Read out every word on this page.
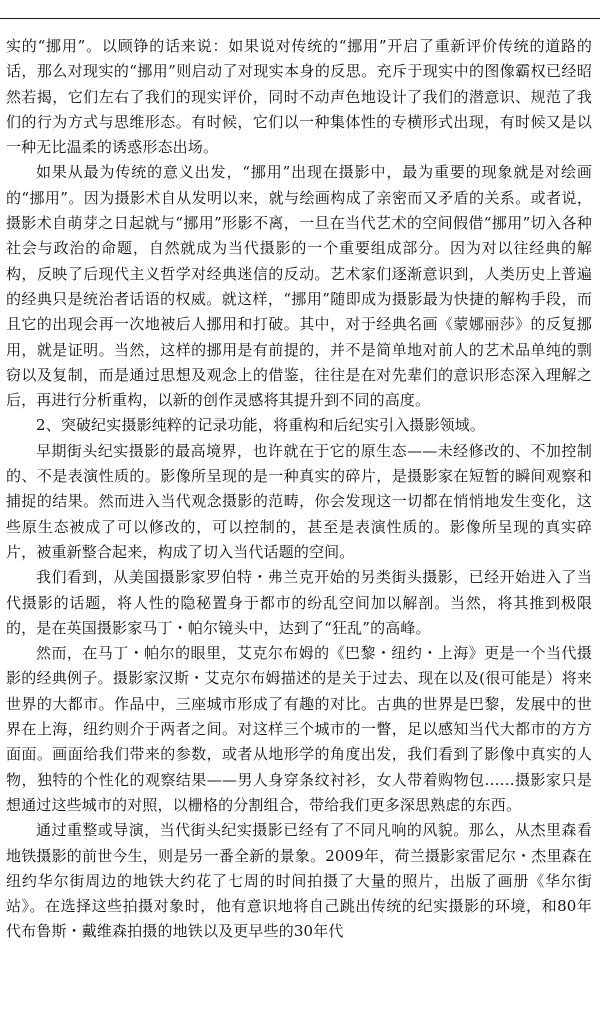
实的“挪用”。以顾铮的话来说：如果说对传统的“挪用”开启了重新评价传统的道路的话，那么对现实的“挪用”则启动了对现实本身的反思。充斥于现实中的图像霸权已经昭然若揭，它们左右了我们的现实评价，同时不动声色地设计了我们的潜意识、规范了我们的行为方式与思维形态。有时候，它们以一种集体性的专横形式出现，有时候又是以一种无比温柔的诱惑形态出场。

如果从最为传统的意义出发，“挪用”出现在摄影中，最为重要的现象就是对绘画的“挪用”。因为摄影术自从发明以来，就与绘画构成了亲密而又矛盾的关系。或者说，摄影术自萌芽之日起就与“挪用”形影不离，一旦在当代艺术的空间假借“挪用”切入各种社会与政治的命题，自然就成为当代摄影的一个重要组成部分。因为对以往经典的解构，反映了后现代主义哲学对经典迷信的反动。艺术家们逐渐意识到，人类历史上普遍的经典只是统治者话语的权威。就这样，“挪用”随即成为摄影最为快捷的解构手段，而且它的出现会再一次地被后人挪用和打破。其中，对于经典名画《蒙娜丽莎》的反复挪用，就是证明。当然，这样的挪用是有前提的，并不是简单地对前人的艺术品单纯的剽窃以及复制，而是通过思想及观念上的借鉴，往往是在对先辈们的意识形态深入理解之后，再进行分析重构，以新的创作灵感将其提升到不同的高度。

2、突破纪实摄影纯粹的记录功能，将重构和后纪实引入摄影领域。

早期街头纪实摄影的最高境界，也许就在于它的原生态——未经修改的、不加控制的、不是表演性质的。影像所呈现的是一种真实的碎片，是摄影家在短暂的瞬间观察和捕捉的结果。然而进入当代观念摄影的范畴，你会发现这一切都在悄悄地发生变化，这些原生态被成了可以修改的，可以控制的，甚至是表演性质的。影像所呈现的真实碎片，被重新整合起来，构成了切入当代话题的空间。

我们看到，从美国摄影家罗伯特・弗兰克开始的另类街头摄影，已经开始进入了当代摄影的话题，将人性的隐秘置身于都市的纷乱空间加以解剖。当然，将其推到极限的，是在英国摄影家马丁・帕尔镜头中，达到了“狂乱”的高峰。

然而，在马丁・帕尔的眼里，艾克尔布姆的《巴黎・纽约・上海》更是一个当代摄影的经典例子。摄影家汉斯・艾克尔布姆描述的是关于过去、现在以及(很可能是）将来世界的大都市。作品中，三座城市形成了有趣的对比。古典的世界是巴黎，发展中的世界在上海，纽约则介于两者之间。对这样三个城市的一瞥，足以感知当代大都市的方方面面。画面给我们带来的参数，或者从地形学的角度出发，我们看到了影像中真实的人物，独特的个性化的观察结果——男人身穿条纹衬衫，女人带着购物包……摄影家只是想通过这些城市的对照，以栅格的分割组合，带给我们更多深思熟虑的东西。

通过重整或导演，当代街头纪实摄影已经有了不同凡响的风貌。那么，从杰里森看地铁摄影的前世今生，则是另一番全新的景象。2009年，荷兰摄影家雷尼尔・杰里森在纽约华尔街周边的地铁大约花了七周的时间拍摄了大量的照片，出版了画册《华尔街站》。在选择这些拍摄对象时，他有意识地将自己跳出传统的纪实摄影的环境，和80年代布鲁斯・戴维森拍摄的地铁以及更早些的30年代
